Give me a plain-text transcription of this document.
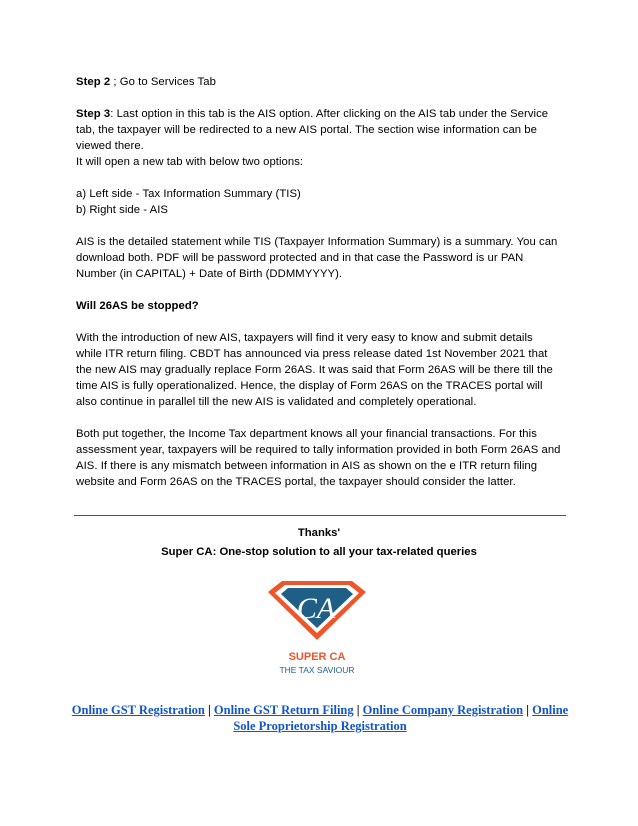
Step 2 ; Go to Services Tab

Step 3: Last option in this tab is the AIS option. After clicking on the AIS tab under the Service
tab, the taxpayer will be redirected to a new AIS portal. The section wise information can be
viewed there.
It will open a new tab with below two options:

a) Left side - Tax Information Summary (TIS)
b) Right side - AIS

AIS is the detailed statement while TIS (Taxpayer Information Summary) is a summary. You can
download both. PDF will be password protected and in that case the Password is ur PAN
Number (in CAPITAL) + Date of Birth (DDMMYYYY).

Will 26AS be stopped?

With the introduction of new AIS, taxpayers will find it very easy to know and submit details
while ITR return filing. CBDT has announced via press release dated 1st November 2021 that
the new AIS may gradually replace Form 26AS. It was said that Form 26AS will be there till the
time AIS is fully operationalized. Hence, the display of Form 26AS on the TRACES portal will
also continue in parallel till the new AIS is validated and completely operational.

Both put together, the Income Tax department knows all your financial transactions. For this
assessment year, taxpayers will be required to tally information provided in both Form 26AS and
AIS. If there is any mismatch between information in AIS as shown on the e ITR return filing
website and Form 26AS on the TRACES portal, the taxpayer should consider the latter.

Thanks'
Super CA: One-stop solution to all your tax-related queries
CA
SUPER CA
THE TAX SAVIOUR
Online GST Registration | Online GST Return Filing | Online Company Registration | Online Sole Proprietorship Registration
